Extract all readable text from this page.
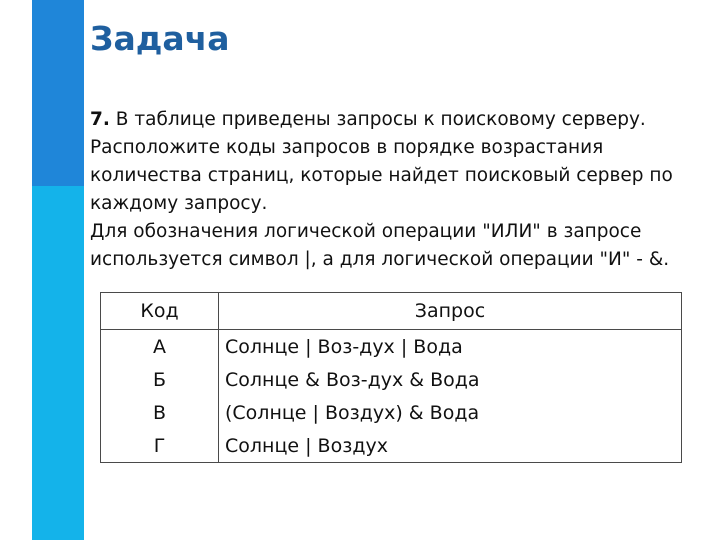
Задача

7. В таблице приведены запросы к поисковому серверу.

Расположите коды запросов в порядке возрастания

количества страниц, которые найдет поисковый сервер по

каждому запросу.

Для обозначения логической операции "ИЛИ" в запросе

используется символ |, а для логической операции "И" - &.

Код	Запрос
А	Солнце | Воз-дух | Вода
Б	Солнце & Воз-дух & Вода
В	(Солнце | Воздух) & Вода
Г	Солнце | Воздух
